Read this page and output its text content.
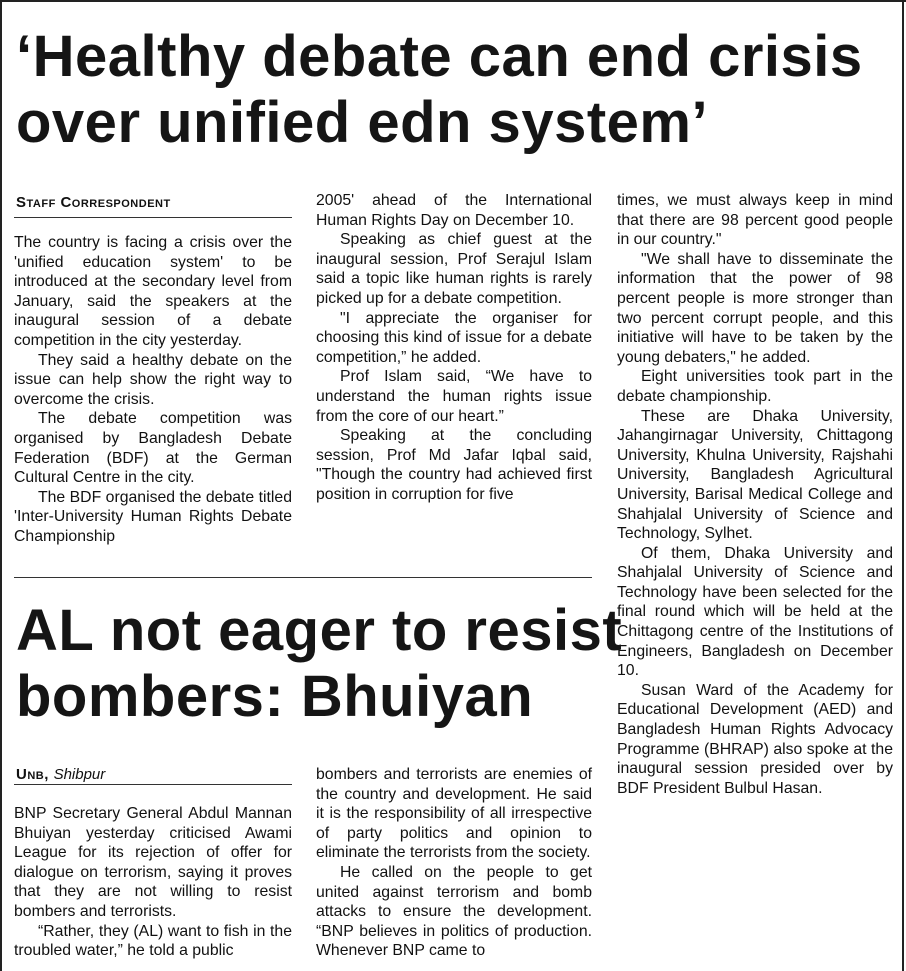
‘Healthy debate can end crisis
over unified edn system’
Staff Correspondent

The country is facing a crisis over the 'unified education system' to be introduced at the secondary level from January, said the speakers at the inaugural session of a debate competition in the city yesterday.

They said a healthy debate on the issue can help show the right way to overcome the crisis.

The debate competition was organised by Bangladesh Debate Federation (BDF) at the German Cultural Centre in the city.

The BDF organised the debate titled 'Inter-University Human Rights Debate Championship

2005' ahead of the International Human Rights Day on December 10.

Speaking as chief guest at the inaugural session, Prof Serajul Islam said a topic like human rights is rarely picked up for a debate competition.

"I appreciate the organiser for choosing this kind of issue for a debate competition,” he added.

Prof Islam said, “We have to understand the human rights issue from the core of our heart.”

Speaking at the concluding session, Prof Md Jafar Iqbal said, "Though the country had achieved first position in corruption for five

times, we must always keep in mind that there are 98 percent good people in our country."

"We shall have to disseminate the information that the power of 98 percent people is more stronger than two percent corrupt people, and this initiative will have to be taken by the young debaters," he added.

Eight universities took part in the debate championship.

These are Dhaka University, Jahangirnagar University, Chittagong University, Khulna University, Rajshahi University, Bangladesh Agricultural University, Barisal Medical College and Shahjalal University of Science and Technology, Sylhet.

Of them, Dhaka University and Shahjalal University of Science and Technology have been selected for the final round which will be held at the Chittagong centre of the Institutions of Engineers, Bangladesh on December 10.

Susan Ward of the Academy for Educational Development (AED) and Bangladesh Human Rights Advocacy Programme (BHRAP) also spoke at the inaugural session presided over by BDF President Bulbul Hasan.

AL not eager to resist
bombers: Bhuiyan
Unb, Shibpur

BNP Secretary General Abdul Mannan Bhuiyan yesterday criticised Awami League for its rejection of offer for dialogue on terrorism, saying it proves that they are not willing to resist bombers and terrorists.

“Rather, they (AL) want to fish in the troubled water,” he told a public

bombers and terrorists are enemies of the country and development. He said it is the responsibility of all irrespective of party politics and opinion to eliminate the terrorists from the society.

He called on the people to get united against terrorism and bomb attacks to ensure the development. “BNP believes in politics of production. Whenever BNP came to
